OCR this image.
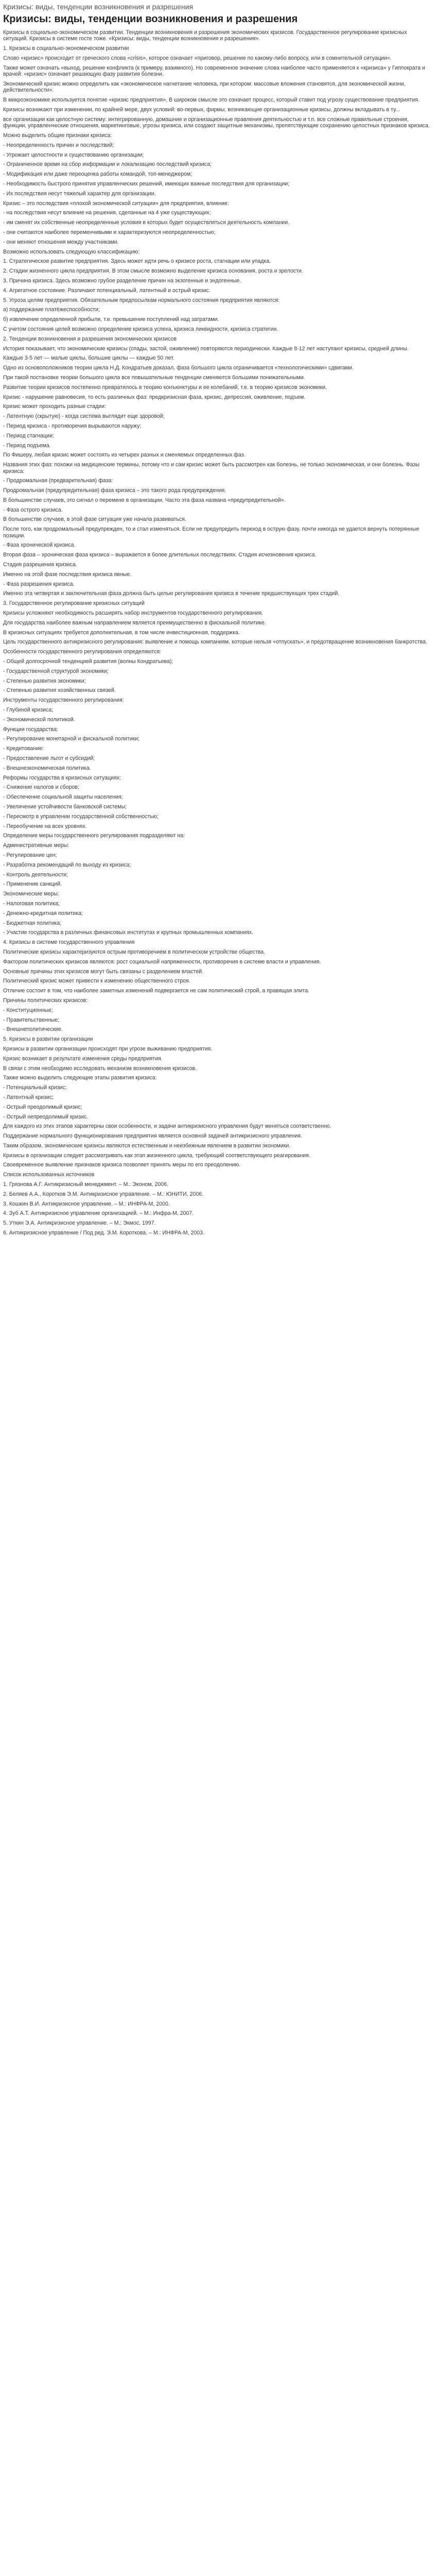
Кризисы: виды, тенденции возникновения и разрешения
Кризисы: виды, тенденции возникновения и разрешения

Кризисы в социально-экономическом развитии. Тенденции возникновения и разрешения экономических кризисов. Государственное регулирование кризисных ситуаций. Кризисы в системе госте тоже. «Кризисы: виды, тенденции возникновения и разрешения».

1. Кризисы в социально-экономическом развитии

Слово «кризис» происходит от греческого слова «crisis», которое означает «приговор, решение по какому-либо вопросу, или в сомнительной ситуации».

Также может означать «выход, решение конфликта (к примеру, взаимного). Но современное значение слова наиболее часто применяется к «кризиса» у Гиппократа и врачей: «кризис» означает решающую фазу развития болезни.

Экономический кризис можно определить как «экономическое нагнетание человека, при котором: массовые вложения становятся, для экономической жизни, действительности».

В микроэкономике используется понятие «кризис предприятия». В широком смысле это означает процесс, который ставит под угрозу существование предприятия.

Кризисы возникают при изменении, по крайней мере, двух условий: во-первых, фирмы, возникающие организационные кризисы, должны вкладывать в ту...

все организации как целостную систему: интегрированную, домашние и организационные правления деятельностью и т.п. все сложные правильные строения, функции, управленческие отношения, маркетинговые, угрозы кризиса, или создают защитные механизмы, препятствующие сохранению целостных признаков кризиса.

Можно выделить общие признаки кризиса:

- Неопределенность причин и последствий;

- Угрожает целостности и существованию организации;

- Ограниченное время на сбор информации и локализацию последствий кризиса;

- Модификация или даже переоценка работы командой, топ-менеджером;

- Необходимость быстрого принятия управленческих решений, имеющих важные последствия для организации;

- Их последствия несут тяжелый характер для организации.

Кризис – это последствия «плохой экономической ситуации» для предприятия, влияние:

- на последствия несут влияние на решения, сделанные на 4 уже существующих;

- им сменят их собственные неопределенные условия в которых будет осуществляться деятельность компании.

- они считаются наиболее переменчивыми и характеризуются неопределенностью;

- они меняют отношения между участниками.

Возможно использовать следующую классификацию:

1. Стратегическое развитие предприятия. Здесь может идти речь о кризисе роста, стагнации или упадка.

2. Стадии жизненного цикла предприятия. В этом смысле возможно выделение кризиса основания, роста и зрелости.

3. Причина кризиса. Здесь возможно грубое разделение причин на экзогенные и эндогенные.

4. Агрегатное состояние. Различают потенциальный, латентный и острый кризис.

5. Угроза целям предприятия. Обязательным предпосылкам нормального состояния предприятия являются:

а) поддержание платёжеспособности;

б) извлечение определенной прибыли, т.е. превышение поступлений над затратами.

С учетом состояния целей возможно определение кризиса успеха, кризиса ликвидности, кризиса стратегии.

2. Тенденции возникновения и разрешения экономических кризисов

История показывает, что экономические кризисы (спады, застой, оживление) повторяются периодически. Каждые 8-12 лет наступают кризисы, средней длины.

Каждые 3-5 лет — малые циклы, большие циклы — каждые 50 лет.

Одно из основоположников теории цикла Н.Д. Кондратьев доказал, фаза большого цикла ограничивается «технологическими» сдвигами.

При такой постановке теории большого цикла все повышательные тенденции сменяются большими понижательными.

Развитие теории кризисов постепенно превратилось в теорию конъюнктуры и ее колебаний, т.е. в теорию кризисов экономики.

Кризис - нарушение равновесия, то есть различных фаз: предкризисная фаза, кризис, депрессия, оживление, подъем.

Кризис может проходить разные стадии:

- Латентную (скрытую) - когда система выглядит еще здоровой;

- Период кризиса - противоречия вырываются наружу;

- Период стагнации;

- Период подъема.

По Фишеру, любая кризис может состоять из четырех разных и сменяемых определенных фаз.

Названия этих фаз: похожи на медицинские термины, потому что и сам кризис может быть рассмотрен как болезнь, не только экономическая, и они болезнь. Фазы кризиса:

- Продромальная (предварительная) фаза:

Продромальная (предупредительная) фаза кризиса – это такого рода предупреждения.

В большинстве случаев, это сигнал о перемене в организации. Часто эта фаза названа «предупредительной».

- Фаза острого кризиса.

В большинстве случаев, в этой фазе ситуация уже начала развиваться.

После того, как продромальный предупрежден, то и стал изменяться. Если не предупредить переход в острую фазу, почти никогда не удается вернуть потерянные позиции.

- Фаза хронической кризиса.

Вторая фаза – хроническая фаза кризиса – выражается в более длительных последствиях. Стадия исчезновения кризиса.

Стадия разрешения кризиса.

Именно на этой фазе последствия кризиса явные.

- Фаза разрешения кризиса.

Именно эта четвертая и заключительная фаза должна быть целью регулирования кризиса в течение предшествующих трех стадий.

3. Государственное регулирование кризисных ситуаций

Кризисы усложняют необходимость расширять набор инструментов государственного регулирования.

Для государства наиболее важным направлением является преимущественно в фискальной политике.

В кризисных ситуациях требуется дополнительная, в том числе инвестиционная, поддержка.

Цель государственного антикризисного регулирования: выявление и помощь компаниям, которые нельзя «отпускать», и предотвращение возникновения банкротства.

Особенности государственного регулирования определяются:

- Общей долгосрочной тенденцией развития (волны Кондратьева);

- Государственной структурой экономики;

- Степенью развития экономики;

- Степенью развития хозяйственных связей.

Инструменты государственного регулирования:

- Глубиной кризиса;

- Экономической политикой.

Функции государства:

- Регулирование монетарной и фискальной политики;

- Кредитование:

- Предоставление льгот и субсидий;

- Внешнеэкономическая политика.

Реформы государства в кризисных ситуациях:

- Снижение налогов и сборов;

- Обеспечение социальной защиты населения;

- Увеличение устойчивости банковской системы;

- Пересмотр в управлении государственной собственностью;

- Переобучение на всех уровнях.

Определение меры государственного регулирования подразделяют на:

Административные меры:

- Регулирование цен;

- Разработка рекомендаций по выходу из кризиса;

- Контроль деятельности;

- Применение санкций.

Экономические меры:

- Налоговая политика;

- Денежно-кредитная политика;

- Бюджетная политика;

- Участие государства в различных финансовых институтах и крупных промышленных компаниях.

4. Кризисы в системе государственного управления

Политические кризисы характеризуются острым противоречием в политическом устройстве общества.

Фактором политических кризисов являются: рост социальной напряженности, противоречия в системе власти и управления.

Основные причины этих кризисов могут быть связаны с разделением властей.

Политический кризис может привести к изменению общественного строя.

Отличие состоит в том, что наиболее заметных изменений подвергается не сам политический строй, а правящая элита.

Причины политических кризисов:

- Конституционные;

- Правительственные;

- Внешнеполитические.

5. Кризисы в развитии организации

Кризисы в развитии организации происходят при угрозе выживанию предприятия.

Кризис возникает в результате изменения среды предприятия.

В связи с этим необходимо исследовать механизм возникновения кризисов.

Также можно выделить следующие этапы развития кризиса:

- Потенциальный кризис;

- Латентный кризис;

- Острый преодолимый кризис;

- Острый непреодолимый кризис.

Для каждого из этих этапов характерны свои особенности, и задачи антикризисного управления будут меняться соответственно.

Поддержание нормального функционирования предприятия является основной задачей антикризисного управления.

Таким образом, экономические кризисы являются естественным и неизбежным явлением в развитии экономики.

Кризисы в организации следует рассматривать как этап жизненного цикла, требующий соответствующего реагирования.

Своевременное выявление признаков кризиса позволяет принять меры по его преодолению.

Список использованных источников

1. Грязнова А.Г. Антикризисный менеджмент. – М.: Эконом, 2006.

2. Беляев А.А., Коротков Э.М. Антикризисное управление. – М.: ЮНИТИ, 2006.

3. Кошкин В.И. Антикризисное управление. – М.: ИНФРА-М, 2000.

4. Зуб А.Т. Антикризисное управление организацией. – М.: Инфра-М, 2007.

5. Уткин Э.А. Антикризисное управление. – М.: Экмос, 1997.

6. Антикризисное управление / Под ред. Э.М. Короткова. – М.: ИНФРА-М, 2003.
